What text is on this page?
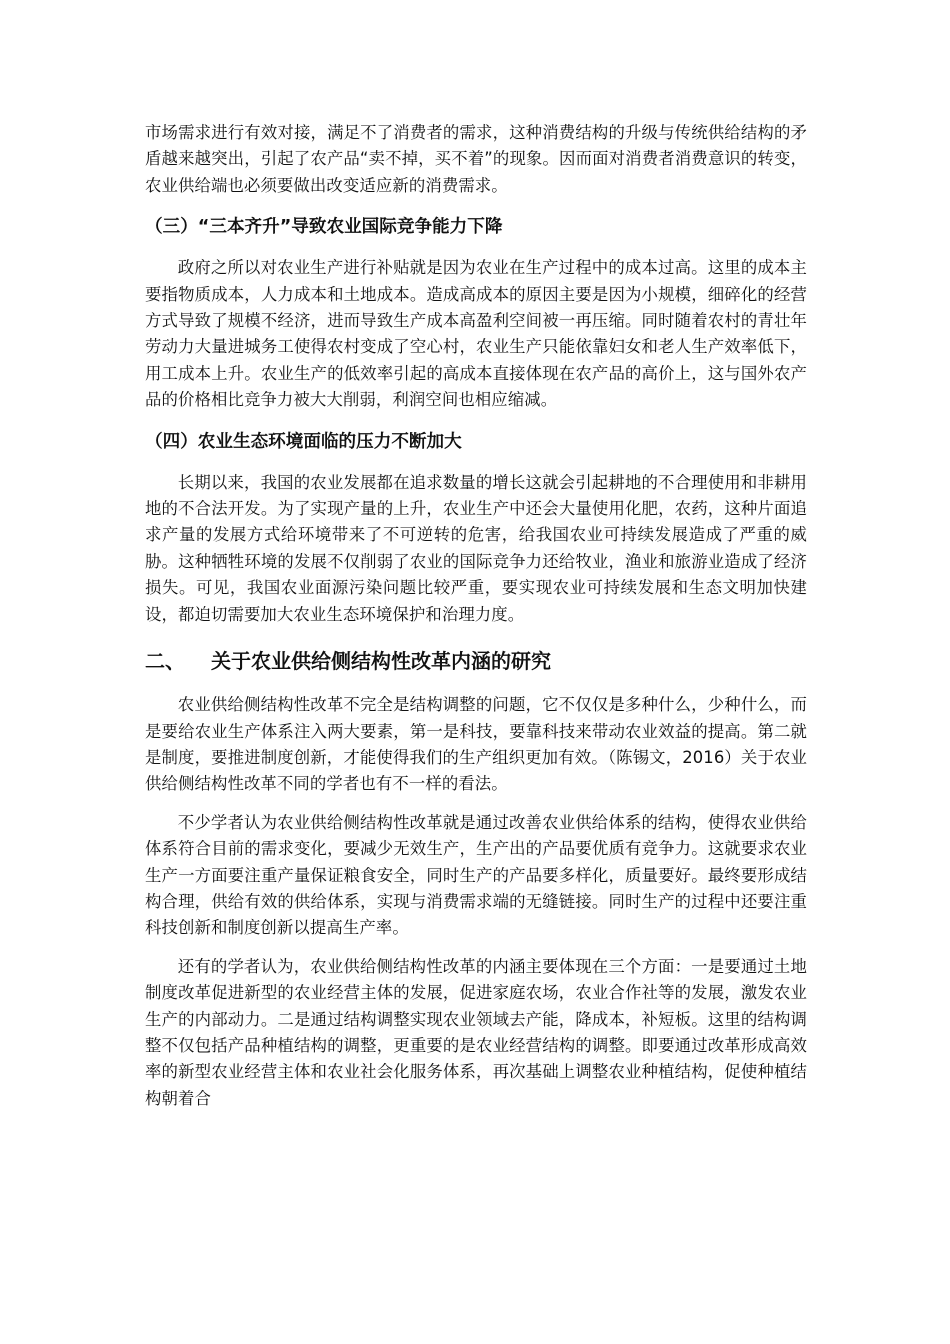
市场需求进行有效对接，满足不了消费者的需求，这种消费结构的升级与传统供给结构的矛盾越来越突出，引起了农产品“卖不掉，买不着”的现象。因而面对消费者消费意识的转变，农业供给端也必须要做出改变适应新的消费需求。

（三）“三本齐升”导致农业国际竞争能力下降

政府之所以对农业生产进行补贴就是因为农业在生产过程中的成本过高。这里的成本主要指物质成本，人力成本和土地成本。造成高成本的原因主要是因为小规模，细碎化的经营方式导致了规模不经济，进而导致生产成本高盈利空间被一再压缩。同时随着农村的青壮年劳动力大量进城务工使得农村变成了空心村，农业生产只能依靠妇女和老人生产效率低下，用工成本上升。农业生产的低效率引起的高成本直接体现在农产品的高价上，这与国外农产品的价格相比竞争力被大大削弱，利润空间也相应缩减。

（四）农业生态环境面临的压力不断加大

长期以来，我国的农业发展都在追求数量的增长这就会引起耕地的不合理使用和非耕用地的不合法开发。为了实现产量的上升，农业生产中还会大量使用化肥，农药，这种片面追求产量的发展方式给环境带来了不可逆转的危害，给我国农业可持续发展造成了严重的威胁。这种牺牲环境的发展不仅削弱了农业的国际竞争力还给牧业，渔业和旅游业造成了经济损失。可见，我国农业面源污染问题比较严重，要实现农业可持续发展和生态文明加快建设，都迫切需要加大农业生态环境保护和治理力度。

二、 关于农业供给侧结构性改革内涵的研究

农业供给侧结构性改革不完全是结构调整的问题，它不仅仅是多种什么，少种什么，而是要给农业生产体系注入两大要素，第一是科技，要靠科技来带动农业效益的提高。第二就是制度，要推进制度创新，才能使得我们的生产组织更加有效。（陈锡文，2016）关于农业供给侧结构性改革不同的学者也有不一样的看法。

不少学者认为农业供给侧结构性改革就是通过改善农业供给体系的结构，使得农业供给体系符合目前的需求变化，要减少无效生产，生产出的产品要优质有竞争力。这就要求农业生产一方面要注重产量保证粮食安全，同时生产的产品要多样化，质量要好。最终要形成结构合理，供给有效的供给体系，实现与消费需求端的无缝链接。同时生产的过程中还要注重科技创新和制度创新以提高生产率。

还有的学者认为，农业供给侧结构性改革的内涵主要体现在三个方面：一是要通过土地制度改革促进新型的农业经营主体的发展，促进家庭农场，农业合作社等的发展，激发农业生产的内部动力。二是通过结构调整实现农业领域去产能，降成本，补短板。这里的结构调整不仅包括产品种植结构的调整，更重要的是农业经营结构的调整。即要通过改革形成高效率的新型农业经营主体和农业社会化服务体系，再次基础上调整农业种植结构，促使种植结构朝着合
